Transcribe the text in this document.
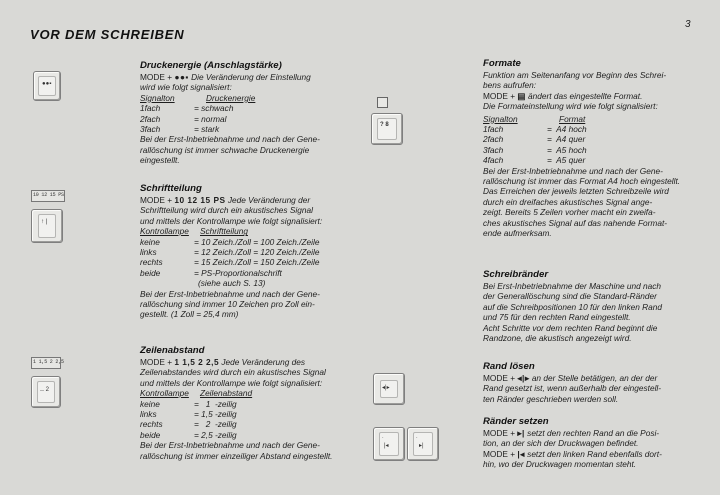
VOR DEM SCHREIBEN
3
●●▪
10 12 15 PS
↑ |
1 1,5 2 2,5
‥ 2
Druckenergie (Anschlagstärke)

MODE + ●●▪ Die Veränderung der Einstellung

wird wie folgt signalisiert:

Signalton	Druckenergie
1fach	= schwach
2fach	= normal
3fach	= stark

Bei der Erst-Inbetriebnahme und nach der Gene-

rallöschung ist immer schwache Druckenergie

eingestellt.

Schriftteilung

MODE + 10 12 15 PS Jede Veränderung der

Schriftteilung wird durch ein akustisches Signal

und mittels der Kontrollampe wie folgt signalisiert:

Kontrollampe	Schriftteilung
keine	= 10 Zeich./Zoll = 100 Zeich./Zeile
links	= 12 Zeich./Zoll = 120 Zeich./Zeile
rechts	= 15 Zeich./Zoll = 150 Zeich./Zeile
beide	= PS-Proportionalschrift

(siehe auch S. 13)

Bei der Erst-Inbetriebnahme und nach der Gene-

rallöschung sind immer 10 Zeichen pro Zoll ein-

gestellt. (1 Zoll = 25,4 mm)

Zeilenabstand

MODE + 1 1,5 2 2,5 Jede Veränderung des

Zeilenabstandes wird durch ein akustisches Signal

und mittels der Kontrollampe wie folgt signalisiert:

Kontrollampe	Zeilenabstand
keine	=   1  -zeilig
links	= 1,5 -zeilig
rechts	=   2  -zeilig
beide	= 2,5 -zeilig

Bei der Erst-Inbetriebnahme und nach der Gene-

rallöschung ist immer einzeiliger Abstand eingestellt.

? 8
◂|▸
·
|◂
·
▸|
Formate

Funktion am Seitenanfang vor Beginn des Schrei-

bens aufrufen:

MODE + ▤ ändert das eingestellte Format.

Die Formateinstellung wird wie folgt signalisiert:

Signalton	Format
1fach	=  A4 hoch
2fach	=  A4 quer
3fach	=  A5 hoch
4fach	=  A5 quer

Bei der Erst-Inbetriebnahme und nach der Gene-

rallöschung ist immer das Format A4 hoch eingestellt.

Das Erreichen der jeweils letzten Schreibzeile wird

durch ein dreifaches akustisches Signal ange-

zeigt. Bereits 5 Zeilen vorher macht ein zweifa-

ches akustisches Signal auf das nahende Format-

ende aufmerksam.

Schreibränder

Bei Erst-Inbetriebnahme der Maschine und nach

der Generallöschung sind die Standard-Ränder

auf die Schreibpositionen 10 für den linken Rand

und 75 für den rechten Rand eingestellt.

Acht Schritte vor dem rechten Rand beginnt die

Randzone, die akustisch angezeigt wird.

Rand lösen

MODE + ◂|▸ an der Stelle betätigen, an der der

Rand gesetzt ist, wenn außerhalb der eingestell-

ten Ränder geschrieben werden soll.

Ränder setzen

MODE + ▸| setzt den rechten Rand an die Posi-

tion, an der sich der Druckwagen befindet.

MODE + |◂ setzt den linken Rand ebenfalls dort-

hin, wo der Druckwagen momentan steht.
